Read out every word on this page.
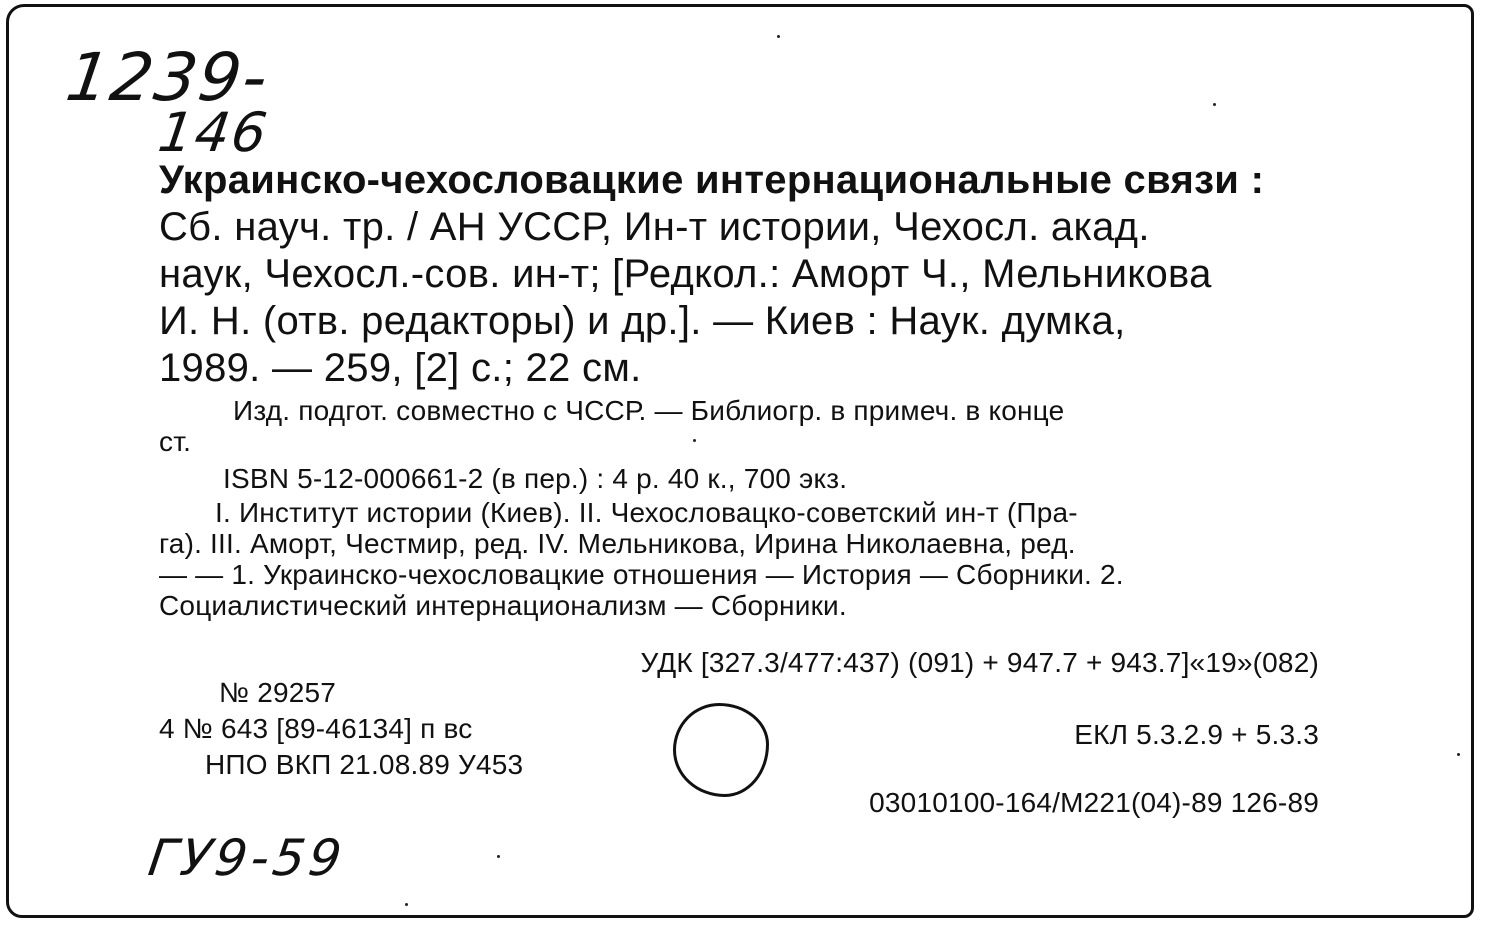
1239-
146
Украинско-чехословацкие интернациональные связи :
Сб. науч. тр. / АН УССР, Ин-т истории, Чехосл. акад.
наук, Чехосл.-сов. ин-т; [Редкол.: Аморт Ч., Мельникова
И. Н. (отв. редакторы) и др.]. — Киев : Наук. думка,
1989. — 259, [2] с.; 22 см.
Изд. подгот. совместно с ЧССР. — Библиогр. в примеч. в конце
ст.
ISBN 5-12-000661-2 (в пер.) : 4 р. 40 к., 700 экз.
I. Институт истории (Киев). II. Чехословацко-советский ин-т (Пра-
га). III. Аморт, Честмир, ред. IV. Мельникова, Ирина Николаевна, ред.
— — 1. Украинско-чехословацкие отношения — История — Сборники. 2.
Социалистический интернационализм — Сборники.
УДК [327.3/477:437) (091) + 947.7 + 943.7]«19»(082)
№ 29257
4 № 643 [89-46134] п вс
НПО ВКП 21.08.89 У453
ЕКЛ 5.3.2.9 + 5.3.3
03010100-164/М221(04)-89 126-89
ГУ9-59
